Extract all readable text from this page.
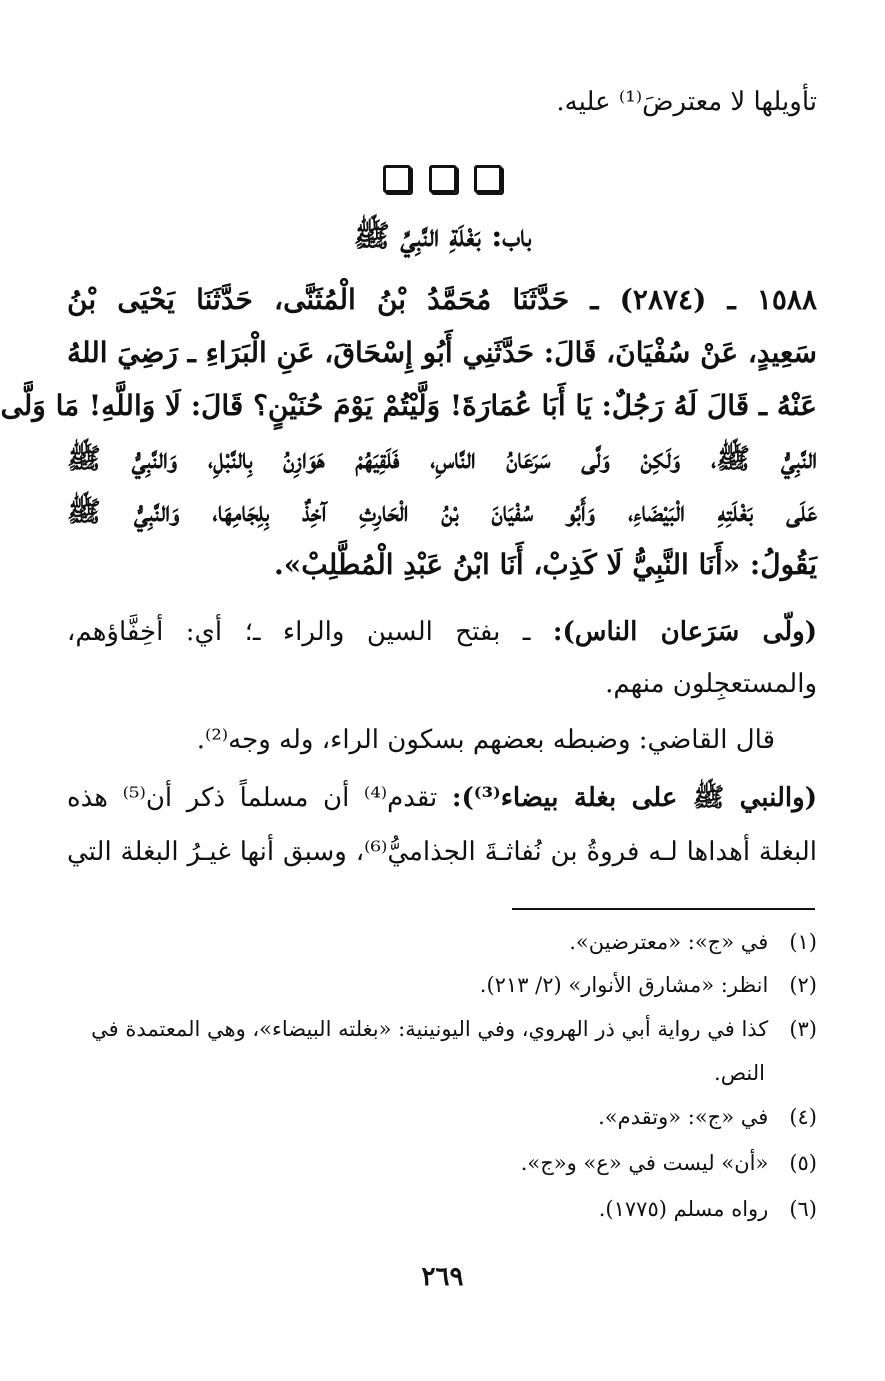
تأويلها لا معترضَ⁽¹⁾ عليه.

باب: بَغْلَةِ النَّبِيِّ ﷺ
١٥٨٨ ـ (٢٨٧٤) ـ حَدَّثَنَا مُحَمَّدُ بْنُ الْمُثَنَّى، حَدَّثَنَا يَحْيَى بْنُ
سَعِيدٍ، عَنْ سُفْيَانَ، قَالَ: حَدَّثَنِي أَبُو إِسْحَاقَ، عَنِ الْبَرَاءِ ـ رَضِيَ اللهُ
عَنْهُ ـ قَالَ لَهُ رَجُلٌ: يَا أَبَا عُمَارَةَ! وَلَّيْتُمْ يَوْمَ حُنَيْنٍ؟ قَالَ: لَا وَاللَّهِ! مَا وَلَّى
النَّبِيُّ ﷺ، وَلَكِنْ وَلَّى سَرَعَانُ النَّاسِ، فَلَقِيَهُمْ هَوَازِنُ بِالنَّبْلِ، وَالنَّبِيُّ ﷺ
عَلَى بَغْلَتِهِ الْبَيْضَاءِ، وَأَبُو سُفْيَانَ بْنُ الْحَارِثِ آخِذٌ بِلِجَامِهَا، وَالنَّبِيُّ ﷺ
يَقُولُ: «أَنَا النَّبِيُّ لَا كَذِبْ، أَنَا ابْنُ عَبْدِ الْمُطَّلِبْ».
(ولّى سَرَعان الناس): ـ بفتح السين والراء ـ؛ أي: أخِفَّاؤهم،
والمستعجِلون منهم.
قال القاضي: وضبطه بعضهم بسكون الراء، وله وجه⁽²⁾.
(والنبي ﷺ على بغلة بيضاء⁽³⁾): تقدم⁽⁴⁾ أن مسلماً ذكر أن⁽⁵⁾ هذه
البغلة أهداها لـه فروةُ بن نُفاثـةَ الجذاميُّ⁽⁶⁾، وسبق أنها غيـرُ البغلة التي
(١) في «ج»: «معترضين».
(٢) انظر: «مشارق الأنوار» (٢/ ٢١٣).
(٣) كذا في رواية أبي ذر الهروي، وفي اليونينية: «بغلته البيضاء»، وهي المعتمدة في
النص.
(٤) في «ج»: «وتقدم».
(٥) «أن» ليست في «ع» و«ج».
(٦) رواه مسلم (١٧٧٥).
٢٦٩
